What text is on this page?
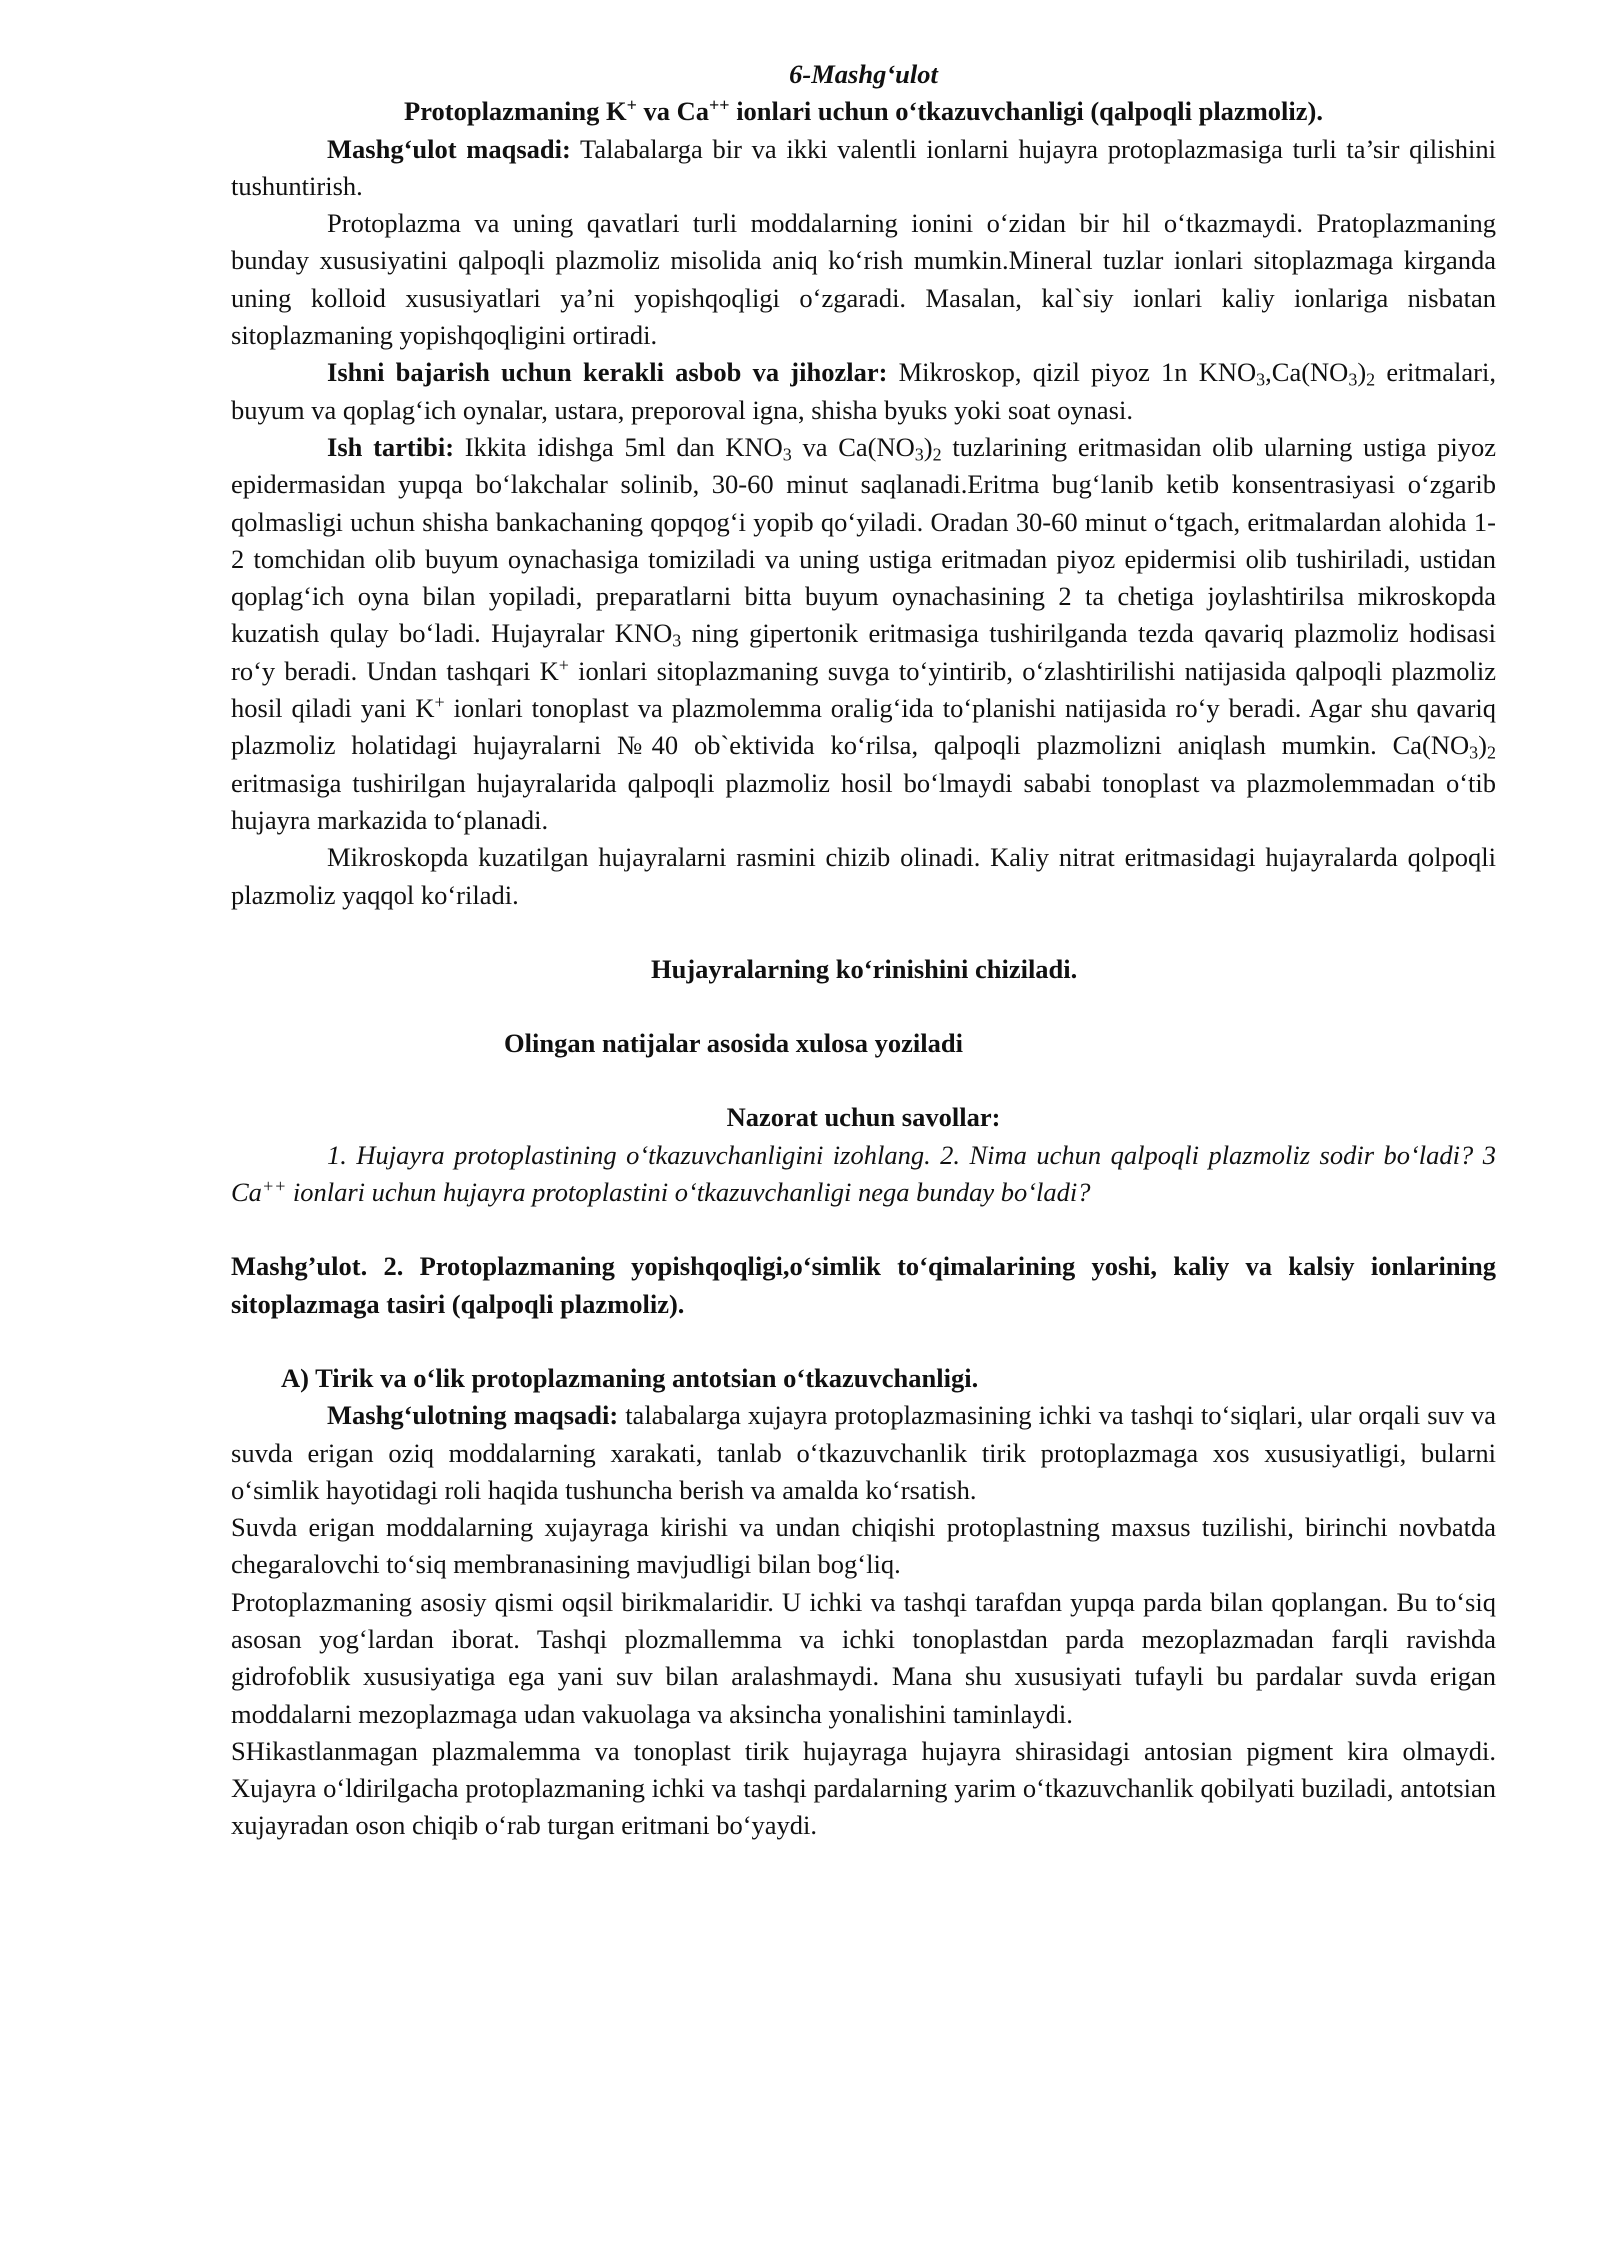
6-Mashg‘ulot

Protoplazmaning K+ va Ca++ ionlari uchun o‘tkazuvchanligi (qalpoqli plazmoliz).

Mashg‘ulot maqsadi: Talabalarga bir va ikki valentli ionlarni hujayra protoplazmasiga turli ta’sir qilishini tushuntirish.

Protoplazma va uning qavatlari turli moddalarning ionini o‘zidan bir hil o‘tkazmaydi. Pratoplazmaning bunday xususiyatini qalpoqli plazmoliz misolida aniq ko‘rish mumkin.Mineral tuzlar ionlari sitoplazmaga kirganda uning kolloid xususiyatlari ya’ni yopishqoqligi o‘zgaradi. Masalan, kal`siy ionlari kaliy ionlariga nisbatan sitoplazmaning yopishqoqligini ortiradi.

Ishni bajarish uchun kerakli asbob va jihozlar: Mikroskop, qizil piyoz 1n $KNO_3,Ca(NO_3)_2$ eritmalari, buyum va qoplag‘ich oynalar, ustara, preporoval igna, shisha byuks yoki soat oynasi.

Ish tartibi: Ikkita idishga 5ml dan $KNO_3$ va $Ca(NO_3)_2$ tuzlarining eritmasidan olib ularning ustiga piyoz epidermasidan yupqa bo‘lakchalar solinib, 30-60 minut saqlanadi.Eritma bug‘lanib ketib konsentrasiyasi o‘zgarib qolmasligi uchun shisha bankachaning qopqog‘i yopib qo‘yiladi. Oradan 30-60 minut o‘tgach, eritmalardan alohida 1-2 tomchidan olib buyum oynachasiga tomiziladi va uning ustiga eritmadan piyoz epidermisi olib tushiriladi, ustidan qoplag‘ich oyna bilan yopiladi, preparatlarni bitta buyum oynachasining 2 ta chetiga joylashtirilsa mikroskopda kuzatish qulay bo‘ladi. Hujayralar $KNO_3$ ning gipertonik eritmasiga tushirilganda tezda qavariq plazmoliz hodisasi ro‘y beradi. Undan tashqari K+ ionlari sitoplazmaning suvga to‘yintirib, o‘zlashtirilishi natijasida qalpoqli plazmoliz hosil qiladi yani K+ ionlari tonoplast va plazmolemma oralig‘ida to‘planishi natijasida ro‘y beradi. Agar shu qavariq plazmoliz holatidagi hujayralarni №40 ob`ektivida ko‘rilsa, qalpoqli plazmolizni aniqlash mumkin. $Ca(NO_3)_2$ eritmasiga tushirilgan hujayralarida qalpoqli plazmoliz hosil bo‘lmaydi sababi tonoplast va plazmolemmadan o‘tib hujayra markazida to‘planadi.

Mikroskopda kuzatilgan hujayralarni rasmini chizib olinadi. Kaliy nitrat eritmasidagi hujayralarda qolpoqli plazmoliz yaqqol ko‘riladi.

Hujayralarning ko‘rinishini chiziladi.

Olingan natijalar asosida xulosa yoziladi

Nazorat uchun savollar:

1. Hujayra protoplastining o‘tkazuvchanligini izohlang. 2. Nima uchun qalpoqli plazmoliz sodir bo‘ladi? 3 Ca++ ionlari uchun hujayra protoplastini o‘tkazuvchanligi nega bunday bo‘ladi?

Mashg’ulot. 2. Protoplazmaning yopishqoqligi,o‘simlik to‘qimalarining yoshi, kaliy va kalsiy ionlarining sitoplazmaga tasiri (qalpoqli plazmoliz).

A) Tirik va o‘lik protoplazmaning antotsian o‘tkazuvchanligi.

Mashg‘ulotning maqsadi: talabalarga xujayra protoplazmasining ichki va tashqi to‘siqlari, ular orqali suv va suvda erigan oziq moddalarning xarakati, tanlab o‘tkazuvchanlik tirik protoplazmaga xos xususiyatligi, bularni o‘simlik hayotidagi roli haqida tushuncha berish va amalda ko‘rsatish.

Suvda erigan moddalarning xujayraga kirishi va undan chiqishi protoplastning maxsus tuzilishi, birinchi novbatda chegaralovchi to‘siq membranasining mavjudligi bilan bog‘liq.

Protoplazmaning asosiy qismi oqsil birikmalaridir. U ichki va tashqi tarafdan yupqa parda bilan qoplangan. Bu to‘siq asosan yog‘lardan iborat. Tashqi plozmallemma va ichki tonoplastdan parda mezoplazmadan farqli ravishda gidrofoblik xususiyatiga ega yani suv bilan aralashmaydi. Mana shu xususiyati tufayli bu pardalar suvda erigan moddalarni mezoplazmaga udan vakuolaga va aksincha yonalishini taminlaydi.

SHikastlanmagan plazmalemma va tonoplast tirik hujayraga hujayra shirasidagi antosian pigment kira olmaydi. Xujayra o‘ldirilgacha protoplazmaning ichki va tashqi pardalarning yarim o‘tkazuvchanlik qobilyati buziladi, antotsian xujayradan oson chiqib o‘rab turgan eritmani bo‘yaydi.
